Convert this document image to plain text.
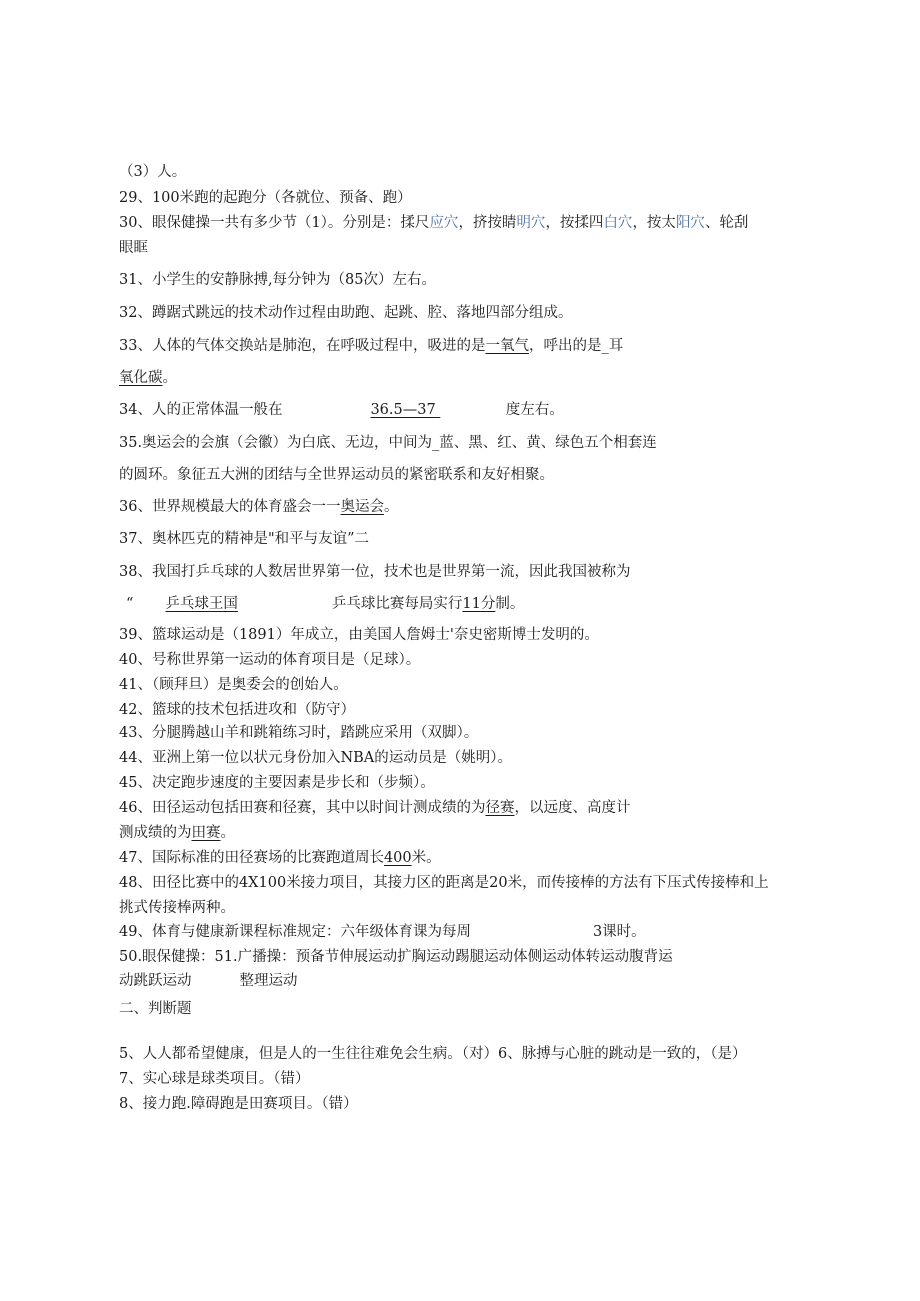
（3）人。
29、100米跑的起跑分（各就位、预备、跑）
30、眼保健操一共有多少节（1）。分别是：揉尺应穴，挤按睛明穴，按揉四白穴，按太阳穴、轮刮
眼眶
31、小学生的安静脉搏,每分钟为（85次）左右。
32、蹲踞式跳远的技术动作过程由助跑、起跳、腔、落地四部分组成。
33、人体的气体交换站是肺泡，在呼吸过程中，吸进的是一氧气，呼出的是_耳
氧化碳。
34、人的正常体温一般在	36.5—37	度左右。
35.奥运会的会旗（会徽）为白底、无边，中间为_蓝、黑、红、黄、绿色五个相套连
的圆环。象征五大洲的团结与全世界运动员的紧密联系和友好相聚。
36、世界规模最大的体育盛会一一奥运会。
37、奥林匹克的精神是"和平与友谊”二
38、我国打乒乓球的人数居世界第一位，技术也是世界第一流，因此我国被称为
“ 乒乓球王国	乒乓球比赛每局实行11分制。
39、篮球运动是（1891）年成立，由美国人詹姆士'奈史密斯博士发明的。
40、号称世界第一运动的体育项目是（足球）。
41、（顾拜旦）是奥委会的创始人。
42、篮球的技术包括进攻和（防守）
43、分腿腾越山羊和跳箱练习时，踏跳应采用（双脚）。
44、亚洲上第一位以状元身份加入NBA的运动员是（姚明）。
45、决定跑步速度的主要因素是步长和（步频）。
46、田径运动包括田赛和径赛，其中以时间计测成绩的为径赛，以远度、高度计
测成绩的为田赛。
47、国际标准的田径赛场的比赛跑道周长400米。
48、田径比赛中的4X100米接力项目，其接力区的距离是20米，而传接棒的方法有下压式传接棒和上
挑式传接棒两种。
49、体育与健康新课程标准规定：六年级体育课为每周	3课时。
50.眼保健操：51.广播操：预备节伸展运动扩胸运动踢腿运动体侧运动体转运动腹背运
动跳跃运动	整理运动
二、判断题
5、人人都希望健康，但是人的一生往往难免会生病。（对）6、脉搏与心脏的跳动是一致的，（是）
7、实心球是球类项目。（错）
8、接力跑.障碍跑是田赛项目。（错）
